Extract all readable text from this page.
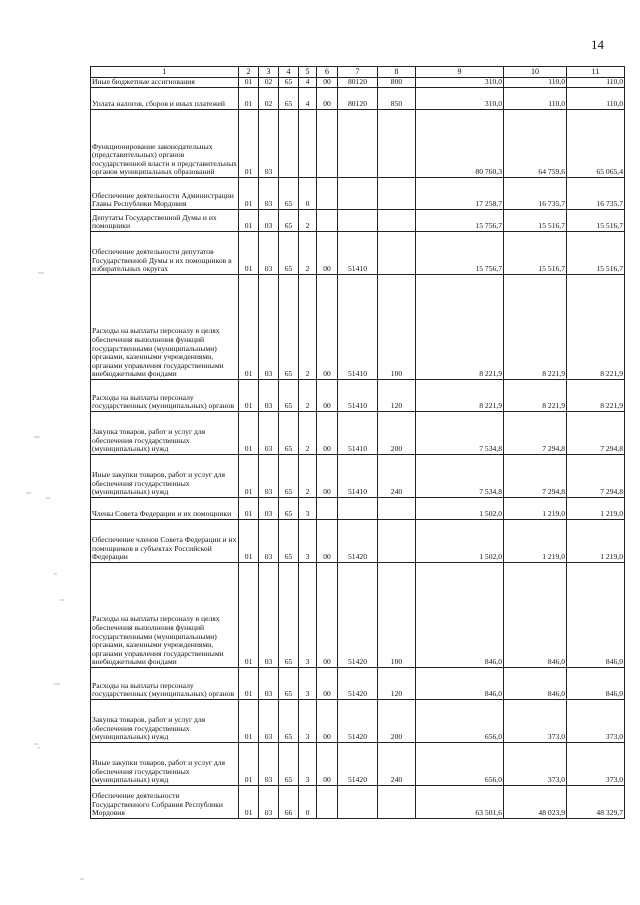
14
1	2	3	4	5	6	7	8	9	10	11
Иные бюджетные ассигнования	01	02	65	4	00	80120	800	310,0	110,0	110,0
Уплата налогов, сборов и иных платежей	01	02	65	4	00	80120	850	310,0	110,0	110,0
Функционирование законодательных (представительных) органов государственной власти и представительных органов муниципальных образований	01	03						80 760,3	64 759,6	65 065,4
Обеспечение деятельности Администрации Главы Республики Мордовия	01	03	65	0				17 258,7	16 735,7	16 735,7
Депутаты Государственной Думы и их помощники	01	03	65	2				15 756,7	15 516,7	15 516,7
Обеспечение деятельности депутатов Государственной Думы и их помощников в избирательных округах	01	03	65	2	00	51410		15 756,7	15 516,7	15 516,7
Расходы на выплаты персоналу в целях обеспечения выполнения функций государственными (муниципальными) органами, казенными учреждениями, органами управления государственными внебюджетными фондами	01	03	65	2	00	51410	100	8 221,9	8 221,9	8 221,9
Расходы на выплаты персоналу государственных (муниципальных) органов	01	03	65	2	00	51410	120	8 221,9	8 221,9	8 221,9
Закупка товаров, работ и услуг для обеспечения государственных (муниципальных) нужд	01	03	65	2	00	51410	200	7 534,8	7 294,8	7 294,8
Иные закупки товаров, работ и услуг для обеспечения государственных (муниципальных) нужд	01	03	65	2	00	51410	240	7 534,8	7 294,8	7 294,8
Члены Совета Федерации и их помощники	01	03	65	3				1 502,0	1 219,0	1 219,0
Обеспечение членов Совета Федерации и их помощников в субъектах Российской Федерации	01	03	65	3	00	51420		1 502,0	1 219,0	1 219,0
Расходы на выплаты персоналу в целях обеспечения выполнения функций государственными (муниципальными) органами, казенными учреждениями, органами управления государственными внебюджетными фондами	01	03	65	3	00	51420	100	846,0	846,0	846,0
Расходы на выплаты персоналу государственных (муниципальных) органов	01	03	65	3	00	51420	120	846,0	846,0	846,0
Закупка товаров, работ и услуг для обеспечения государственных (муниципальных) нужд	01	03	65	3	00	51420	200	656,0	373,0	373,0
Иные закупки товаров, работ и услуг для обеспечения государственных (муниципальных) нужд	01	03	65	3	00	51420	240	656,0	373,0	373,0
Обеспечение деятельности Государственного Собрания Республики Мордовия	01	03	66	0				63 501,6	48 023,9	48 329,7
